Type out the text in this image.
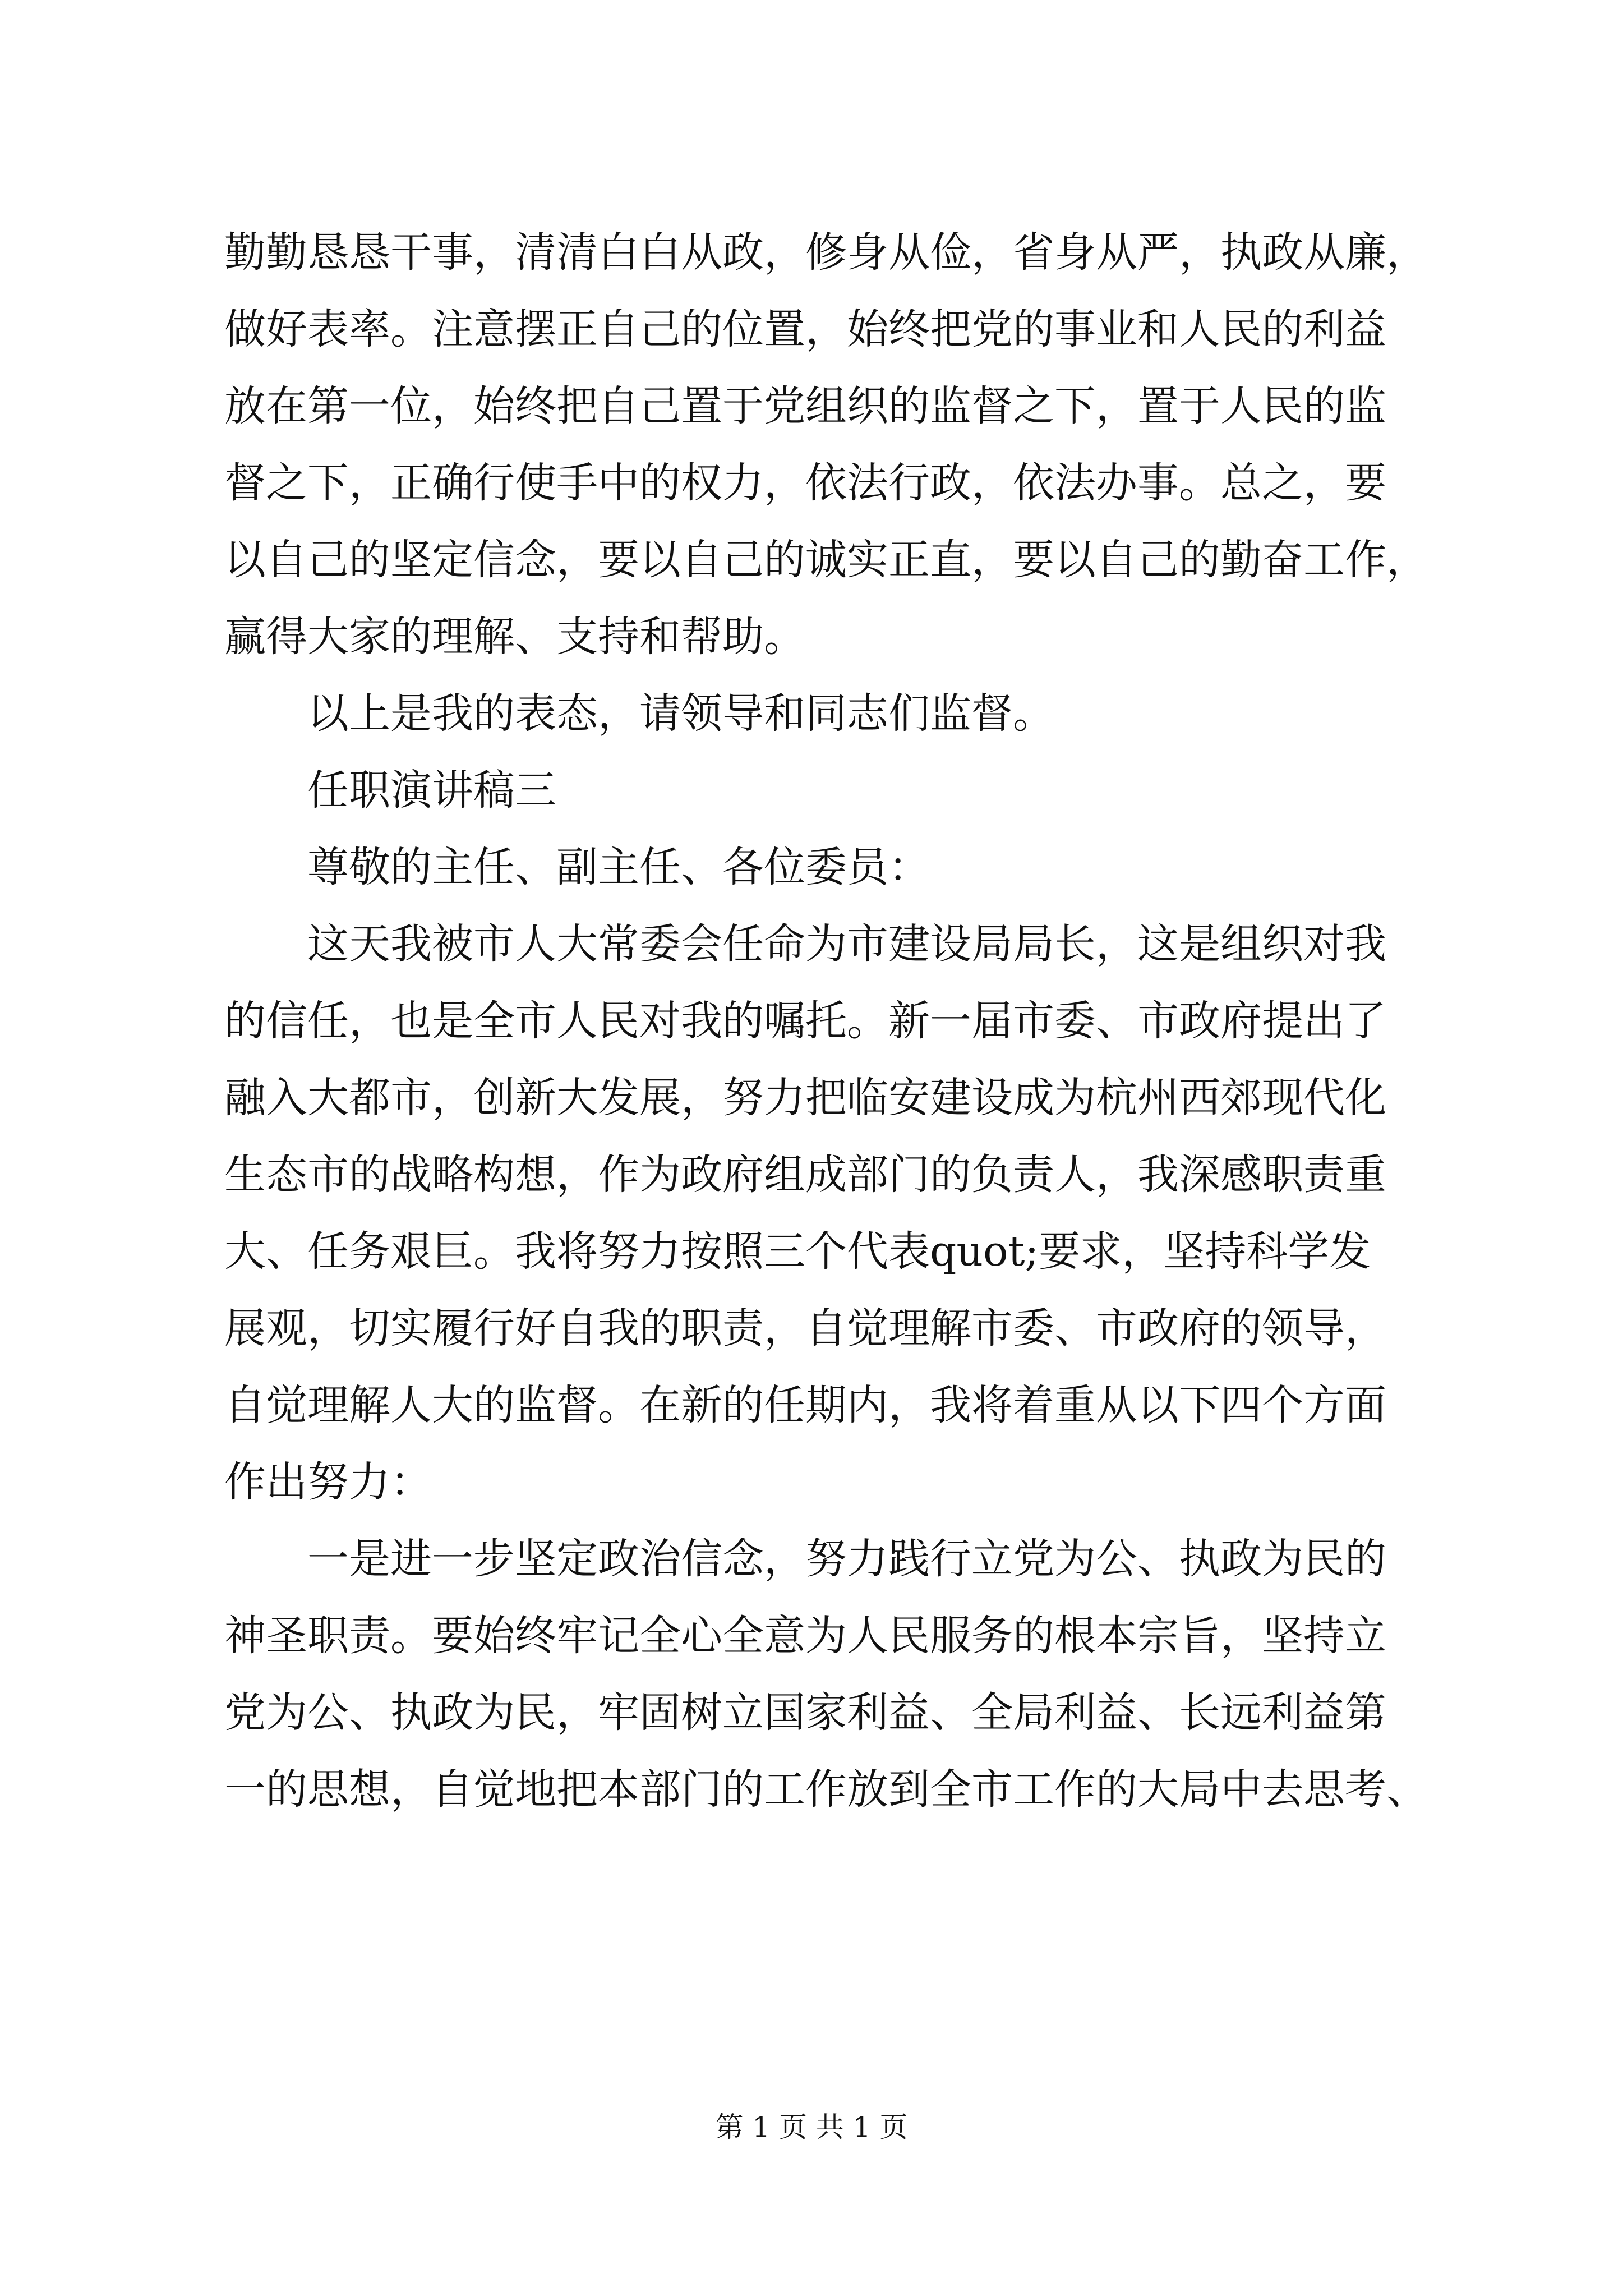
勤勤恳恳干事，清清白白从政，修身从俭，省身从严，执政从廉，
做好表率。注意摆正自己的位置，始终把党的事业和人民的利益
放在第一位，始终把自己置于党组织的监督之下，置于人民的监
督之下，正确行使手中的权力，依法行政，依法办事。总之，要
以自己的坚定信念，要以自己的诚实正直，要以自己的勤奋工作，
赢得大家的理解、支持和帮助。
以上是我的表态，请领导和同志们监督。
任职演讲稿三
尊敬的主任、副主任、各位委员：
这天我被市人大常委会任命为市建设局局长，这是组织对我
的信任，也是全市人民对我的嘱托。新一届市委、市政府提出了
融入大都市，创新大发展，努力把临安建设成为杭州西郊现代化
生态市的战略构想，作为政府组成部门的负责人，我深感职责重
大、任务艰巨。我将努力按照三个代表quot;要求，坚持科学发
展观，切实履行好自我的职责，自觉理解市委、市政府的领导，
自觉理解人大的监督。在新的任期内，我将着重从以下四个方面
作出努力：
一是进一步坚定政治信念，努力践行立党为公、执政为民的
神圣职责。要始终牢记全心全意为人民服务的根本宗旨，坚持立
党为公、执政为民，牢固树立国家利益、全局利益、长远利益第
一的思想，自觉地把本部门的工作放到全市工作的大局中去思考、
第 1 页 共 1 页
